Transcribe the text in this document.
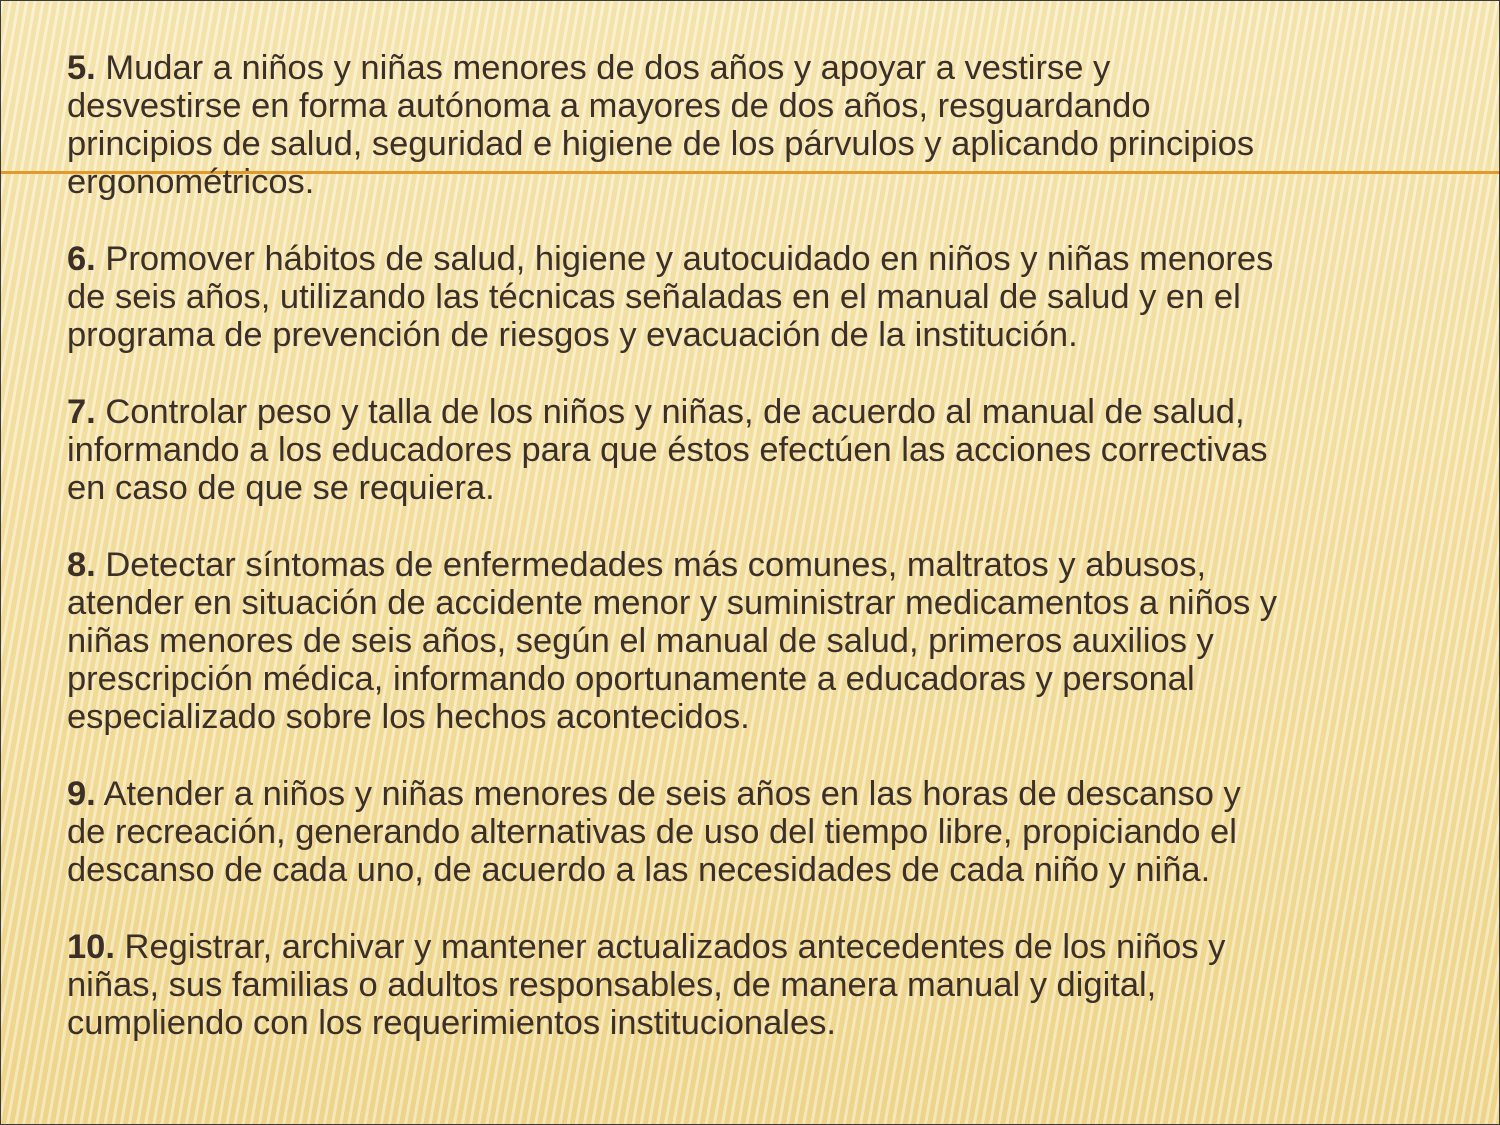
5. Mudar a niños y niñas menores de dos años y apoyar a vestirse y
desvestirse en forma autónoma a mayores de dos años, resguardando
principios de salud, seguridad e higiene de los párvulos y aplicando principios
ergonométricos.

6. Promover hábitos de salud, higiene y autocuidado en niños y niñas menores
de seis años, utilizando las técnicas señaladas en el manual de salud y en el
programa de prevención de riesgos y evacuación de la institución.

7. Controlar peso y talla de los niños y niñas, de acuerdo al manual de salud,
informando a los educadores para que éstos efectúen las acciones correctivas
en caso de que se requiera.

8. Detectar síntomas de enfermedades más comunes, maltratos y abusos,
atender en situación de accidente menor y suministrar medicamentos a niños y
niñas menores de seis años, según el manual de salud, primeros auxilios y
prescripción médica, informando oportunamente a educadoras y personal
especializado sobre los hechos acontecidos.

9. Atender a niños y niñas menores de seis años en las horas de descanso y
de recreación, generando alternativas de uso del tiempo libre, propiciando el
descanso de cada uno, de acuerdo a las necesidades de cada niño y niña.

10. Registrar, archivar y mantener actualizados antecedentes de los niños y
niñas, sus familias o adultos responsables, de manera manual y digital,
cumpliendo con los requerimientos institucionales.
